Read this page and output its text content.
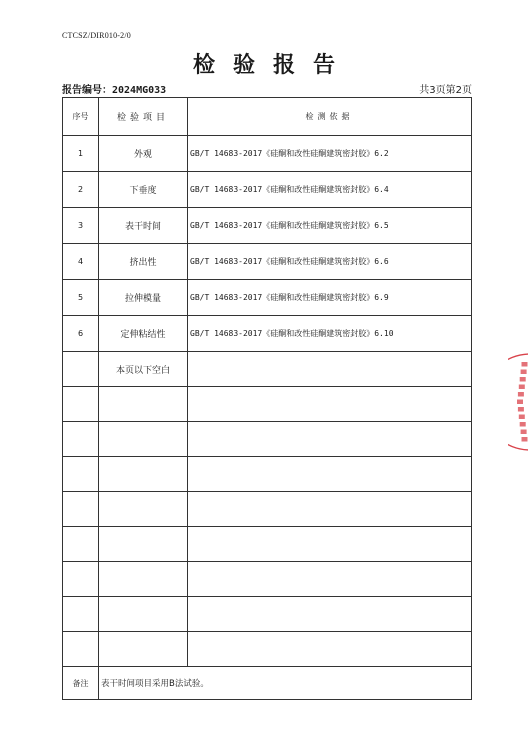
CTCSZ/DIR010-2/0
检验报告
报告编号：2024MG033	共3页第2页
序号	检验项目	检测依据
1	外观	GB/T 14683-2017《硅酮和改性硅酮建筑密封胶》6.2
2	下垂度	GB/T 14683-2017《硅酮和改性硅酮建筑密封胶》6.4
3	表干时间	GB/T 14683-2017《硅酮和改性硅酮建筑密封胶》6.5
4	挤出性	GB/T 14683-2017《硅酮和改性硅酮建筑密封胶》6.6
5	拉伸模量	GB/T 14683-2017《硅酮和改性硅酮建筑密封胶》6.9
6	定伸粘结性	GB/T 14683-2017《硅酮和改性硅酮建筑密封胶》6.10
	本页以下空白	

备注	表干时间项目采用B法试验。	
